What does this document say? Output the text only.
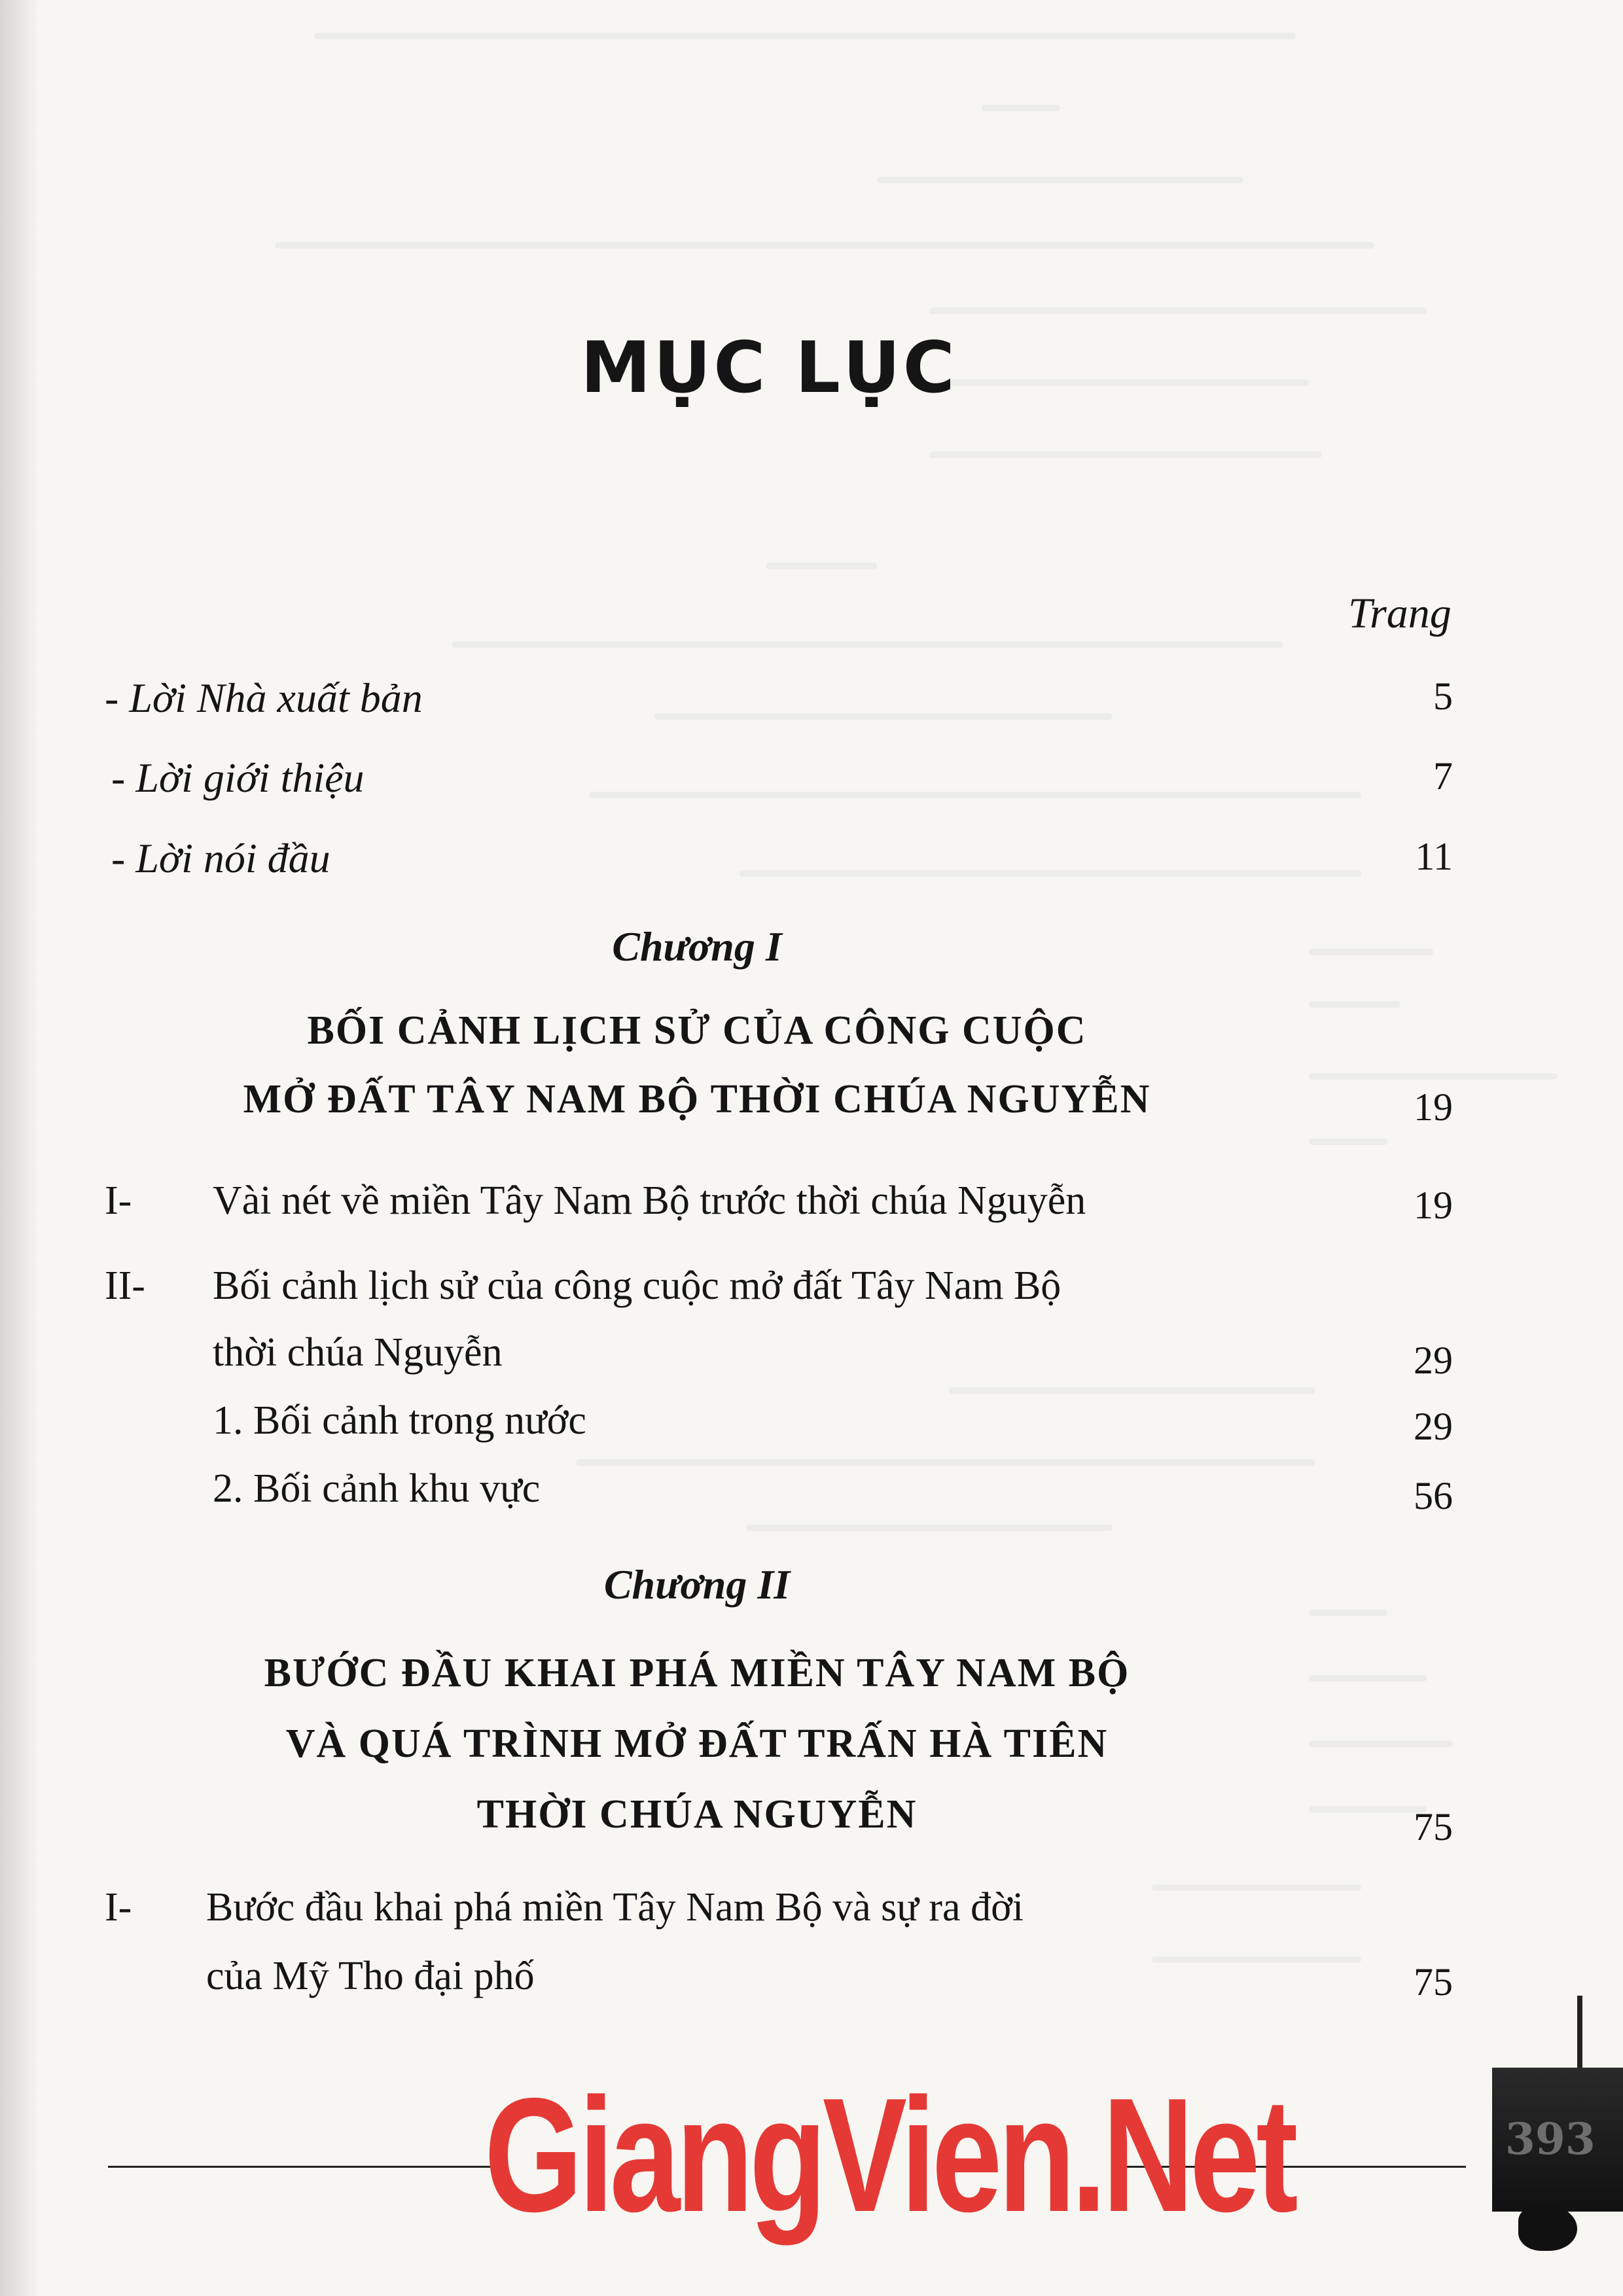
MỤC LỤC
Trang
- Lời Nhà xuất bản	5
- Lời giới thiệu	7
- Lời nói đầu	11
Chương I
BỐI CẢNH LỊCH SỬ CỦA CÔNG CUỘC
MỞ ĐẤT TÂY NAM BỘ THỜI CHÚA NGUYỄN	19
I- Vài nét về miền Tây Nam Bộ trước thời chúa Nguyễn	19
II- Bối cảnh lịch sử của công cuộc mở đất Tây Nam Bộ
thời chúa Nguyễn	29
1. Bối cảnh trong nước	29
2. Bối cảnh khu vực	56
Chương II
BƯỚC ĐẦU KHAI PHÁ MIỀN TÂY NAM BỘ
VÀ QUÁ TRÌNH MỞ ĐẤT TRẤN HÀ TIÊN
THỜI CHÚA NGUYỄN	75
I- Bước đầu khai phá miền Tây Nam Bộ và sự ra đời
của Mỹ Tho đại phố	75
GiangVien.Net	393
